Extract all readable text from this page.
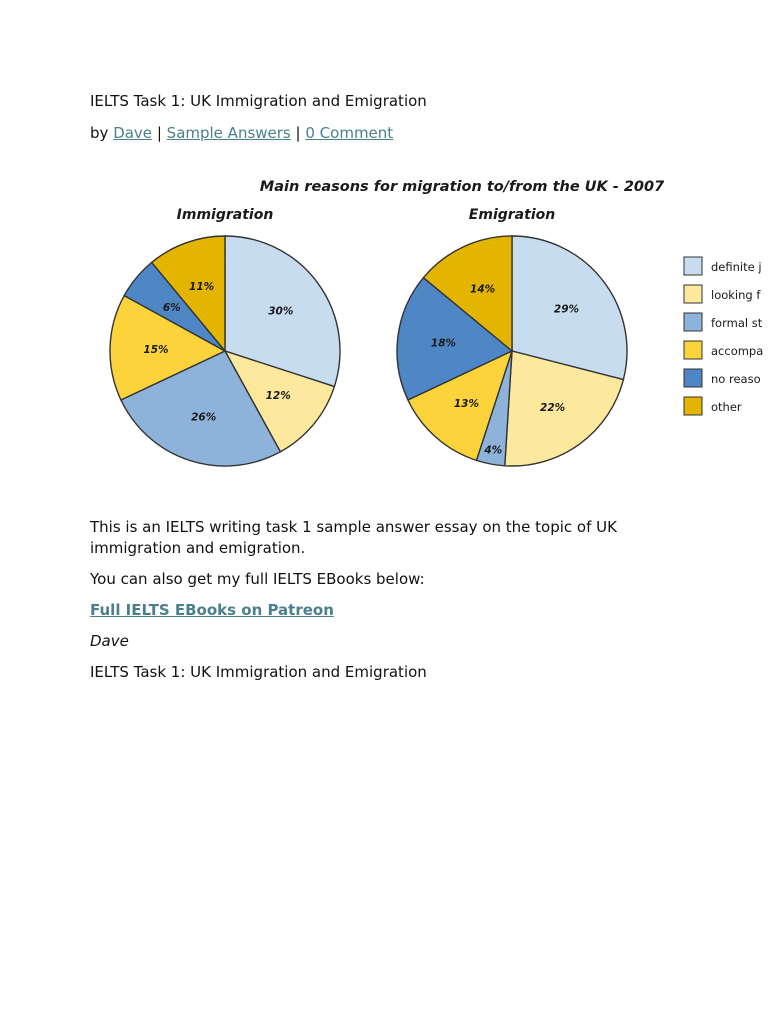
IELTS Task 1: UK Immigration and Emigration

by Dave | Sample Answers | 0 Comment

Main reasons for migration to/from the UK - 2007
Immigration	Emigration
30%
12%
26%
15%
6%
11%
29%
22%
4%
13%
18%
14%
definite j
looking f
formal st
accompa
no reaso
other

This is an IELTS writing task 1 sample answer essay on the topic of UK immigration and emigration.

You can also get my full IELTS EBooks below:

Full IELTS EBooks on Patreon

Dave

IELTS Task 1: UK Immigration and Emigration
